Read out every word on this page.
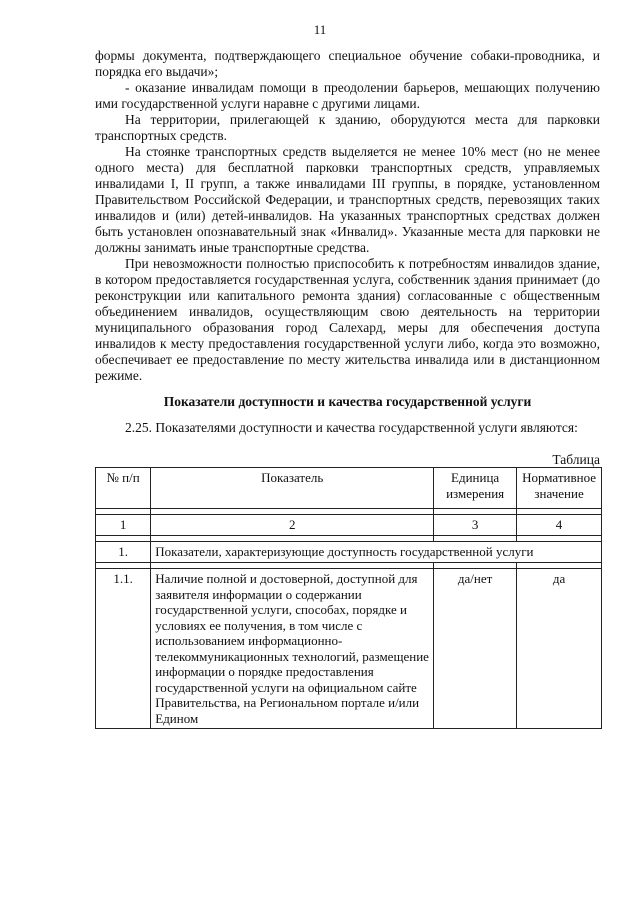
11

формы документа, подтверждающего специальное обучение собаки-проводника, и порядка его выдачи»;

- оказание инвалидам помощи в преодолении барьеров, мешающих получению ими государственной услуги наравне с другими лицами.

На территории, прилегающей к зданию, оборудуются места для парковки транспортных средств.

На стоянке транспортных средств выделяется не менее 10% мест (но не менее одного места) для бесплатной парковки транспортных средств, управляемых инвалидами I, II групп, а также инвалидами III группы, в порядке, установленном Правительством Российской Федерации, и транспортных средств, перевозящих таких инвалидов и (или) детей-инвалидов. На указанных транспортных средствах должен быть установлен опознавательный знак «Инвалид». Указанные места для парковки не должны занимать иные транспортные средства.

При невозможности полностью приспособить к потребностям инвалидов здание, в котором предоставляется государственная услуга, собственник здания принимает (до реконструкции или капитального ремонта здания) согласованные с общественным объединением инвалидов, осуществляющим свою деятельность на территории муниципального образования город Салехард, меры для обеспечения доступа инвалидов к месту предоставления государственной услуги либо, когда это возможно, обеспечивает ее предоставление по месту жительства инвалида или в дистанционном режиме.

Показатели доступности и качества государственной услуги

2.25. Показателями доступности и качества государственной услуги являются:

Таблица
№ п/п	Показатель	Единица измерения	Нормативное значение

1	2	3	4

1.	Показатели, характеризующие доступность государственной услуги		

1.1.	Наличие полной и достоверной, доступной для заявителя информации о содержании государственной услуги, способах, порядке и условиях ее получения, в том числе с использованием информационно-телекоммуникационных технологий, размещение информации о порядке предоставления государственной услуги на официальном сайте Правительства, на Региональном портале и/или Едином	да/нет	да
